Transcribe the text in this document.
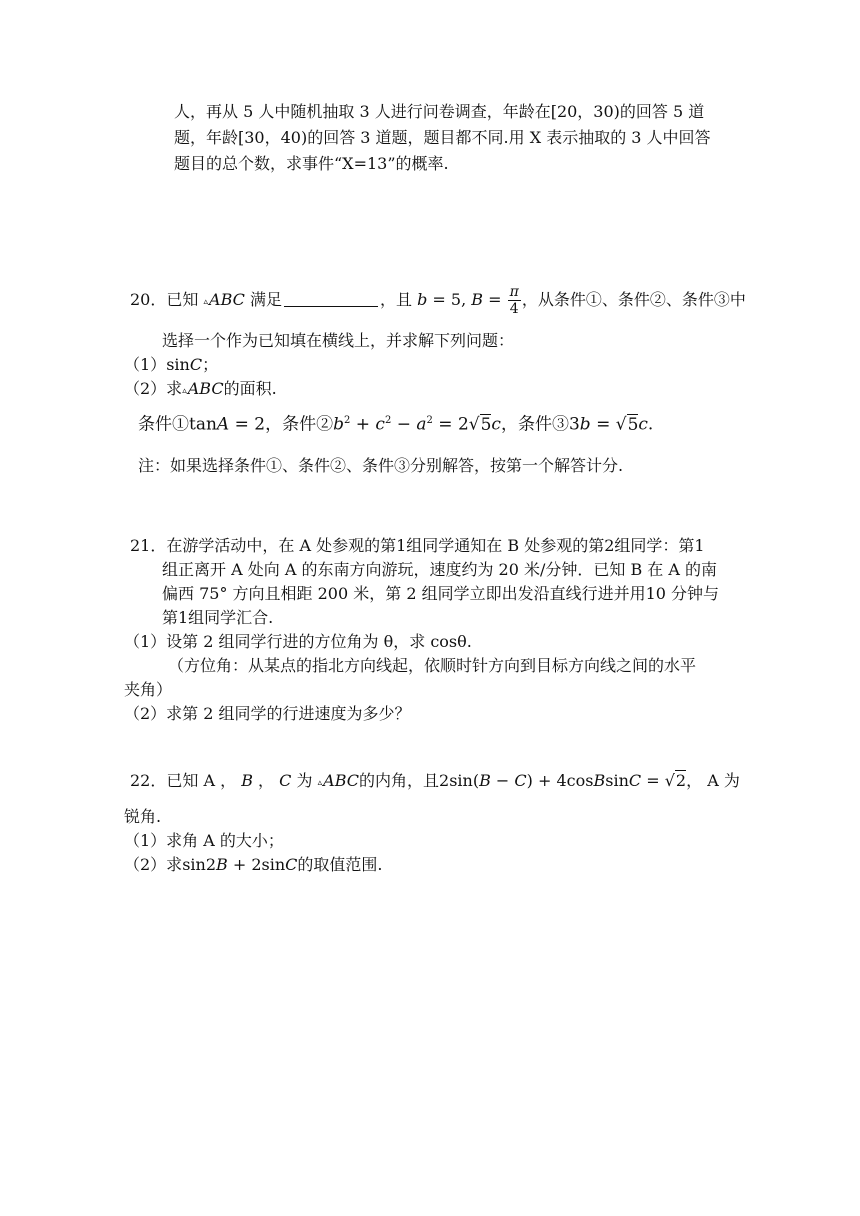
人，再从 5 人中随机抽取 3 人进行问卷调查，年龄在[20，30)的回答 5 道
题，年龄[30，40)的回答 3 道题，题目都不同.用 X 表示抽取的 3 人中回答
题目的总个数，求事件“X=13”的概率.
20．已知 ▵ABC 满足	，且 b = 5, $B = \frac{\pi}{4}$ ，从条件①、条件②、条件③中
选择一个作为已知填在横线上，并求解下列问题：
（1）sinC；
（2）求▵ABC的面积.
条件①tanA = 2，条件$②b^2 + c^2 - a^2 = 2√5c$，条件③3b = √5c.
注：如果选择条件①、条件②、条件③分别解答，按第一个解答计分.
21．在游学活动中，在 A 处参观的第1组同学通知在 B 处参观的第2组同学：第1
组正离开 A 处向 A 的东南方向游玩，速度约为 20 米/分钟．已知 B 在 A 的南
偏西 75° 方向且相距 200 米，第 2 组同学立即出发沿直线行进并用10 分钟与
第1组同学汇合.
（1）设第 2 组同学行进的方位角为 θ，求 cosθ.
（方位角：从某点的指北方向线起，依顺时针方向到目标方向线之间的水平
夹角）
（2）求第 2 组同学的行进速度为多少？
22．已知 A ， B ， C 为 ▵ABC的内角，且2sin(B − C) + 4cosBsinC = √2， A 为
锐角.
（1）求角 A 的大小；
（2）求sin2B + 2sinC的取值范围.
